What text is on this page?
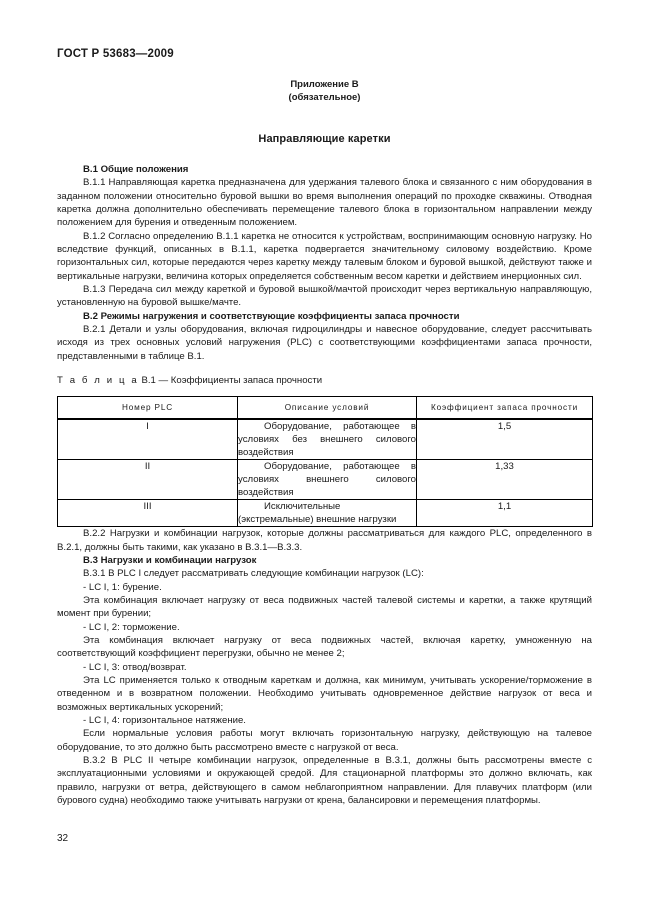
ГОСТ Р 53683—2009
Приложение В
(обязательное)
Направляющие каретки

В.1 Общие положения

В.1.1 Направляющая каретка предназначена для удержания талевого блока и связанного с ним оборудования в заданном положении относительно буровой вышки во время выполнения операций по проходке скважины. Отводная каретка должна дополнительно обеспечивать перемещение талевого блока в горизонтальном направлении между положением для бурения и отведенным положением.

В.1.2 Согласно определению В.1.1 каретка не относится к устройствам, воспринимающим основную нагрузку. Но вследствие функций, описанных в В.1.1, каретка подвергается значительному силовому воздействию. Кроме горизонтальных сил, которые передаются через каретку между талевым блоком и буровой вышкой, действуют также и вертикальные нагрузки, величина которых определяется собственным весом каретки и действием инерционных сил.

В.1.3 Передача сил между кареткой и буровой вышкой/мачтой происходит через вертикальную направляющую, установленную на буровой вышке/мачте.

В.2 Режимы нагружения и соответствующие коэффициенты запаса прочности

В.2.1 Детали и узлы оборудования, включая гидроцилиндры и навесное оборудование, следует рассчитывать исходя из трех основных условий нагружения (PLC) с соответствующими коэффициентами запаса прочности, представленными в таблице В.1.

Т а б л и ц а В.1 — Коэффициенты запаса прочности

Номер PLC	Описание условий	Коэффициент запаса прочности
I	Оборудование, работающее в условиях без внешнего силового воздействия	1,5
II	Оборудование, работающее в условиях внешнего силового воздействия	1,33
III	Исключительные (экстремальные) внешние нагрузки	1,1

В.2.2 Нагрузки и комбинации нагрузок, которые должны рассматриваться для каждого PLC, определенного в В.2.1, должны быть такими, как указано в В.3.1—В.3.3.

В.3 Нагрузки и комбинации нагрузок

В.3.1 В PLC I следует рассматривать следующие комбинации нагрузок (LC):

- LC I, 1: бурение.

Эта комбинация включает нагрузку от веса подвижных частей талевой системы и каретки, а также крутящий момент при бурении;

- LC I, 2: торможение.

Эта комбинация включает нагрузку от веса подвижных частей, включая каретку, умноженную на соответствующий коэффициент перегрузки, обычно не менее 2;

- LC I, 3: отвод/возврат.

Эта LC применяется только к отводным кареткам и должна, как минимум, учитывать ускорение/торможение в отведенном и в возвратном положении. Необходимо учитывать одновременное действие нагрузок от веса и возможных вертикальных ускорений;

- LC I, 4: горизонтальное натяжение.

Если нормальные условия работы могут включать горизонтальную нагрузку, действующую на талевое оборудование, то это должно быть рассмотрено вместе с нагрузкой от веса.

В.3.2 В PLC II четыре комбинации нагрузок, определенные в В.3.1, должны быть рассмотрены вместе с эксплуатационными условиями и окружающей средой. Для стационарной платформы это должно включать, как правило, нагрузки от ветра, действующего в самом неблагоприятном направлении. Для плавучих платформ (или бурового судна) необходимо также учитывать нагрузки от крена, балансировки и перемещения платформы.

32
